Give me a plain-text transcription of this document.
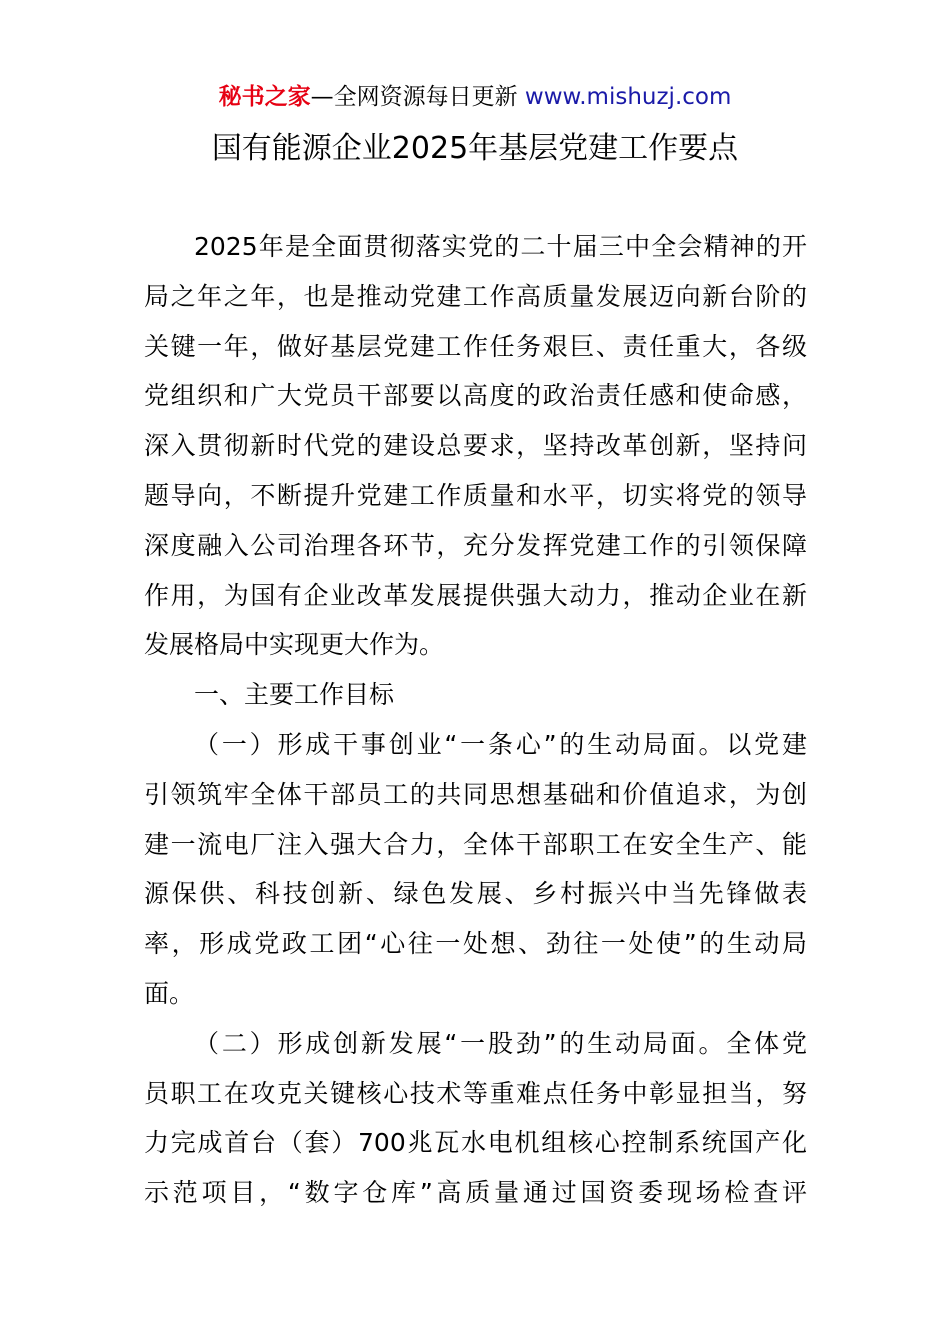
秘书之家—全网资源每日更新 www.mishuzj.com
国有能源企业2025年基层党建工作要点
2025年是全面贯彻落实党的二十届三中全会精神的开
局之年之年，也是推动党建工作高质量发展迈向新台阶的
关键一年，做好基层党建工作任务艰巨、责任重大，各级
党组织和广大党员干部要以高度的政治责任感和使命感，
深入贯彻新时代党的建设总要求，坚持改革创新，坚持问
题导向，不断提升党建工作质量和水平，切实将党的领导
深度融入公司治理各环节，充分发挥党建工作的引领保障
作用，为国有企业改革发展提供强大动力，推动企业在新
发展格局中实现更大作为。
一、主要工作目标
（一）形成干事创业“一条心”的生动局面。以党建
引领筑牢全体干部员工的共同思想基础和价值追求，为创
建一流电厂注入强大合力，全体干部职工在安全生产、能
源保供、科技创新、绿色发展、乡村振兴中当先锋做表
率，形成党政工团“心往一处想、劲往一处使”的生动局
面。
（二）形成创新发展“一股劲”的生动局面。全体党
员职工在攻克关键核心技术等重难点任务中彰显担当，努
力完成首台（套）700兆瓦水电机组核心控制系统国产化
示范项目，“数字仓库”高质量通过国资委现场检查评
